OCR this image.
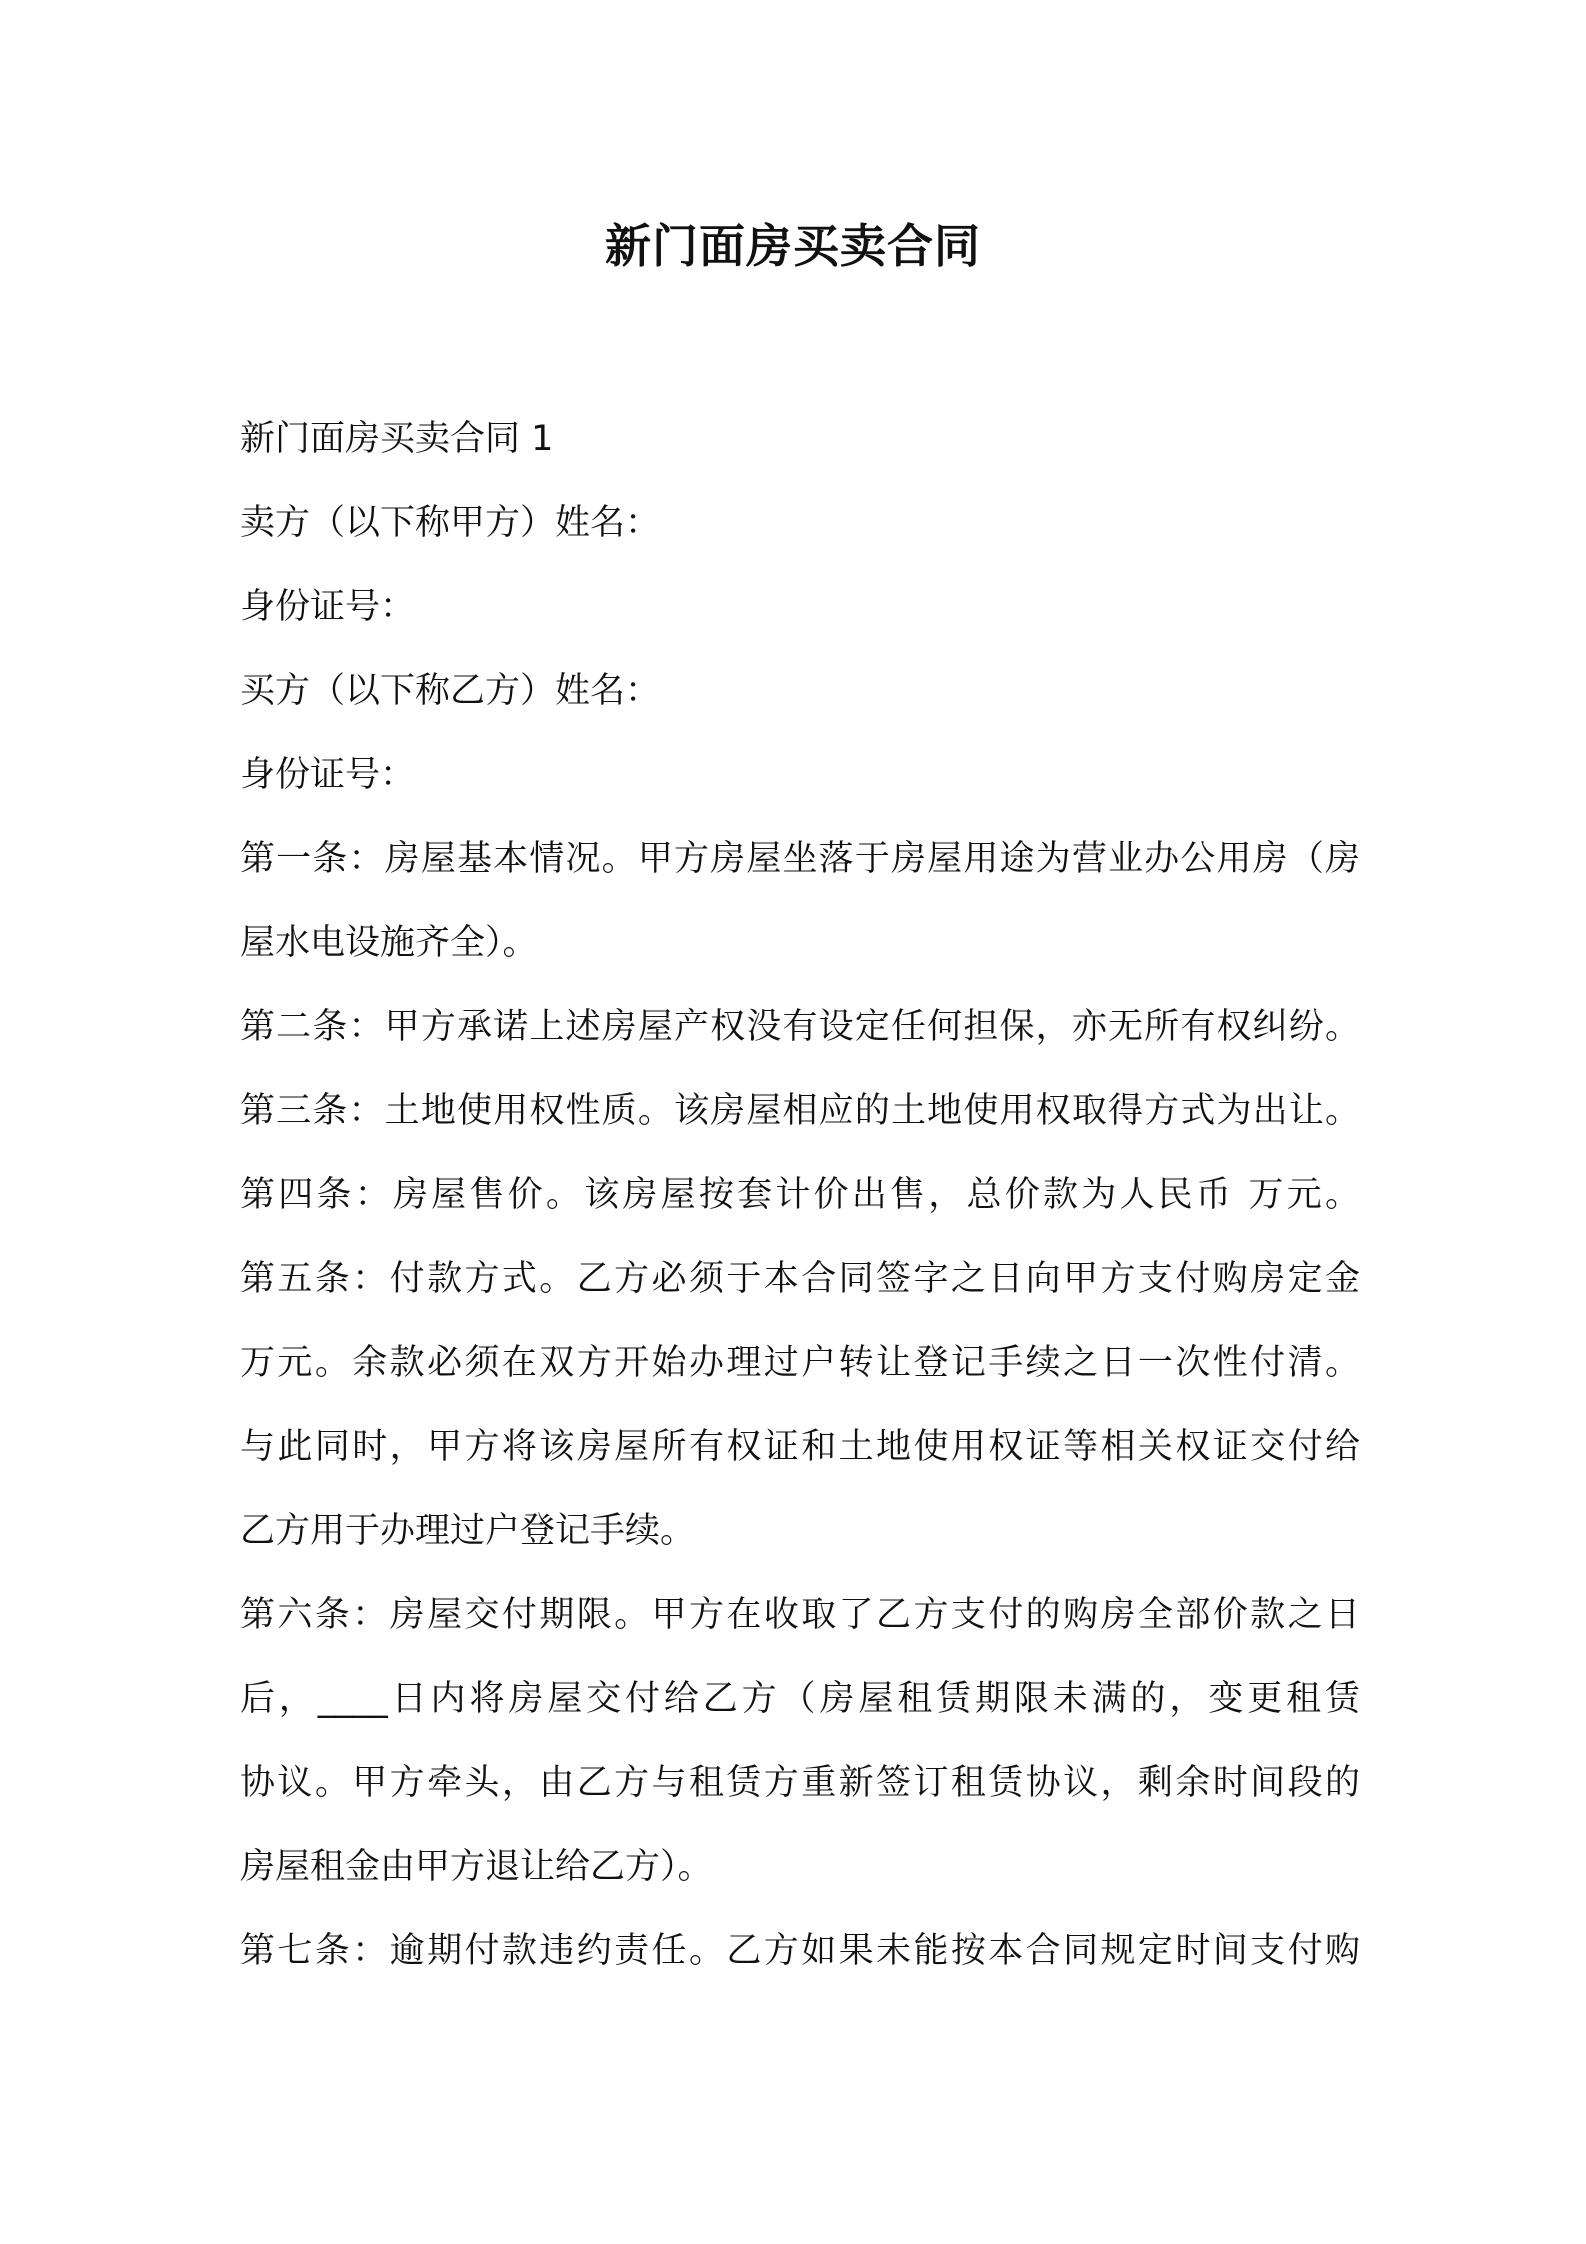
新门面房买卖合同

新门面房买卖合同 1

卖方（以下称甲方）姓名：

身份证号：

买方（以下称乙方）姓名：

身份证号：

第一条：房屋基本情况。甲方房屋坐落于房屋用途为营业办公用房（房

屋水电设施齐全）。

第二条：甲方承诺上述房屋产权没有设定任何担保，亦无所有权纠纷。

第三条：土地使用权性质。该房屋相应的土地使用权取得方式为出让。

第四条：房屋售价。该房屋按套计价出售，总价款为人民币 万元。

第五条：付款方式。乙方必须于本合同签字之日向甲方支付购房定金

万元。余款必须在双方开始办理过户转让登记手续之日一次性付清。

与此同时，甲方将该房屋所有权证和土地使用权证等相关权证交付给

乙方用于办理过户登记手续。

第六条：房屋交付期限。甲方在收取了乙方支付的购房全部价款之日

后，____日内将房屋交付给乙方（房屋租赁期限未满的，变更租赁

协议。甲方牵头，由乙方与租赁方重新签订租赁协议，剩余时间段的

房屋租金由甲方退让给乙方）。

第七条：逾期付款违约责任。乙方如果未能按本合同规定时间支付购
